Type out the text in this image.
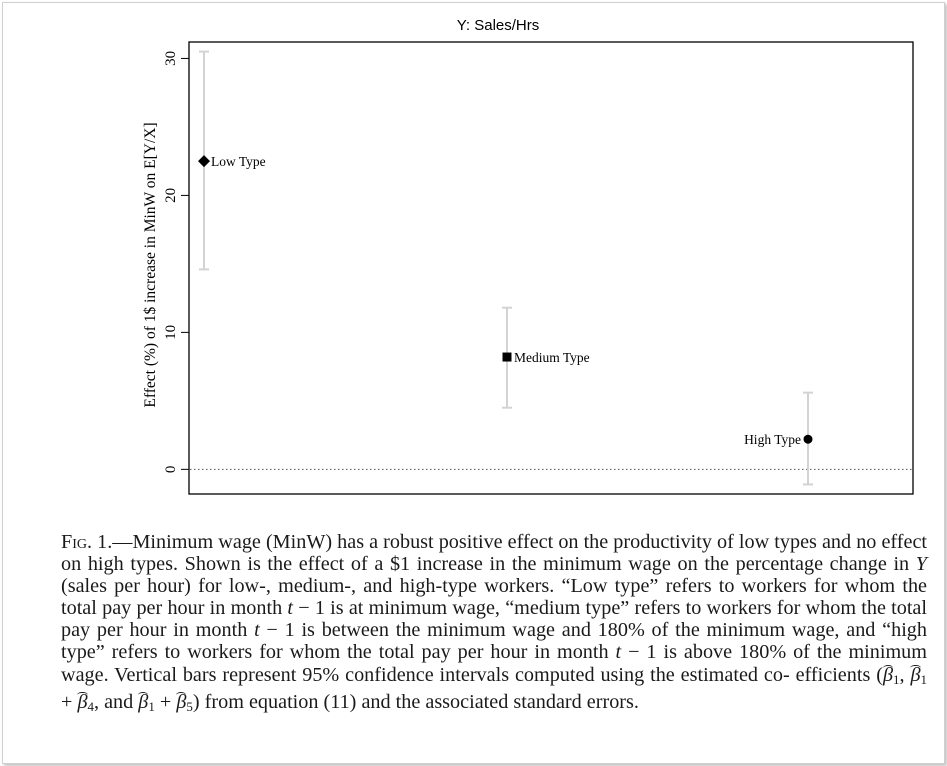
Y: Sales/Hrs
0
10
20
30
Low Type
Medium Type
High Type
Effect (%) of 1$ increase in MinW on E[Y/X]
Fig. 1.—Minimum wage (MinW) has a robust positive effect on the productivity of low types and no effect on high types. Shown is the effect of a $1 increase in the minimum wage on the percentage change in Y (sales per hour) for low-, medium-, and high-type workers. “Low type” refers to workers for whom the total pay per hour in month t − 1 is at minimum wage, “medium type” refers to workers for whom the total pay per hour in month t − 1 is between the minimum wage and 180% of the minimum wage, and “high type” refers to workers for whom the total pay per hour in month t − 1 is above 180% of the minimum wage. Vertical bars represent 95% confidence intervals computed using the estimated co- efficients ($\beta_1$, $\beta_1 + \beta_4$, and $\beta_1 + \beta_5$) from equation (11) and the associated standard errors.
